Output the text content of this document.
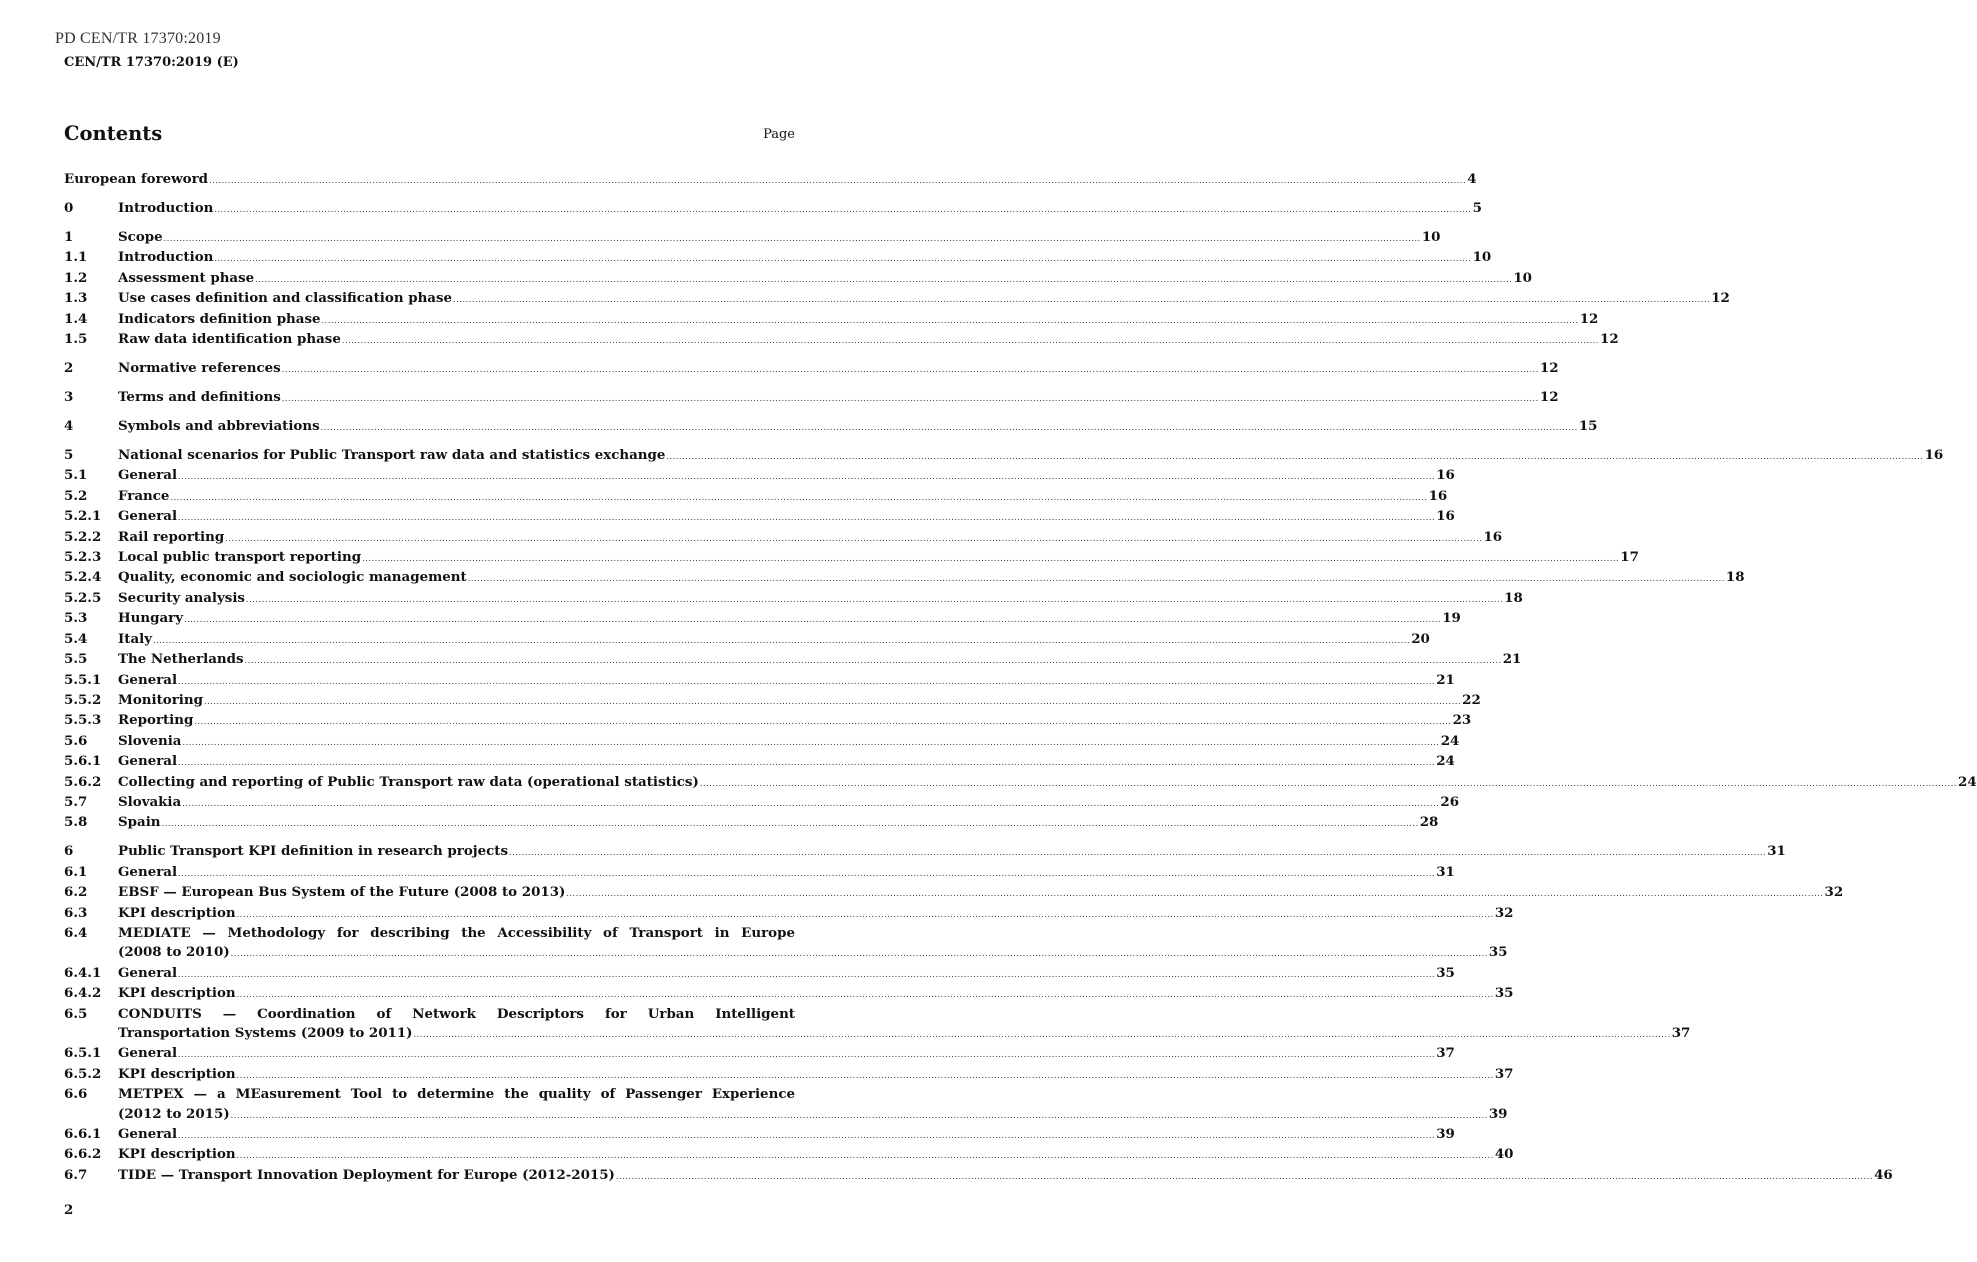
PD CEN/TR 17370:2019
CEN/TR 17370:2019 (E)
Contents	Page
European foreword ................................................................................................................................................................................................................................................................................................................................................................................................................ 4
0	Introduction ................................................................................................................................................................................................................................................................................................................................................................................................................ 5
1	Scope ................................................................................................................................................................................................................................................................................................................................................................................................................ 10
1.1	Introduction ................................................................................................................................................................................................................................................................................................................................................................................................................ 10
1.2	Assessment phase ................................................................................................................................................................................................................................................................................................................................................................................................................ 10
1.3	Use cases definition and classification phase ................................................................................................................................................................................................................................................................................................................................................................................................................ 12
1.4	Indicators definition phase ................................................................................................................................................................................................................................................................................................................................................................................................................ 12
1.5	Raw data identification phase ................................................................................................................................................................................................................................................................................................................................................................................................................ 12
2	Normative references ................................................................................................................................................................................................................................................................................................................................................................................................................ 12
3	Terms and definitions ................................................................................................................................................................................................................................................................................................................................................................................................................ 12
4	Symbols and abbreviations ................................................................................................................................................................................................................................................................................................................................................................................................................ 15
5	National scenarios for Public Transport raw data and statistics exchange ................................................................................................................................................................................................................................................................................................................................................................................................................ 16
5.1	General ................................................................................................................................................................................................................................................................................................................................................................................................................ 16
5.2	France ................................................................................................................................................................................................................................................................................................................................................................................................................ 16
5.2.1	General ................................................................................................................................................................................................................................................................................................................................................................................................................ 16
5.2.2	Rail reporting ................................................................................................................................................................................................................................................................................................................................................................................................................ 16
5.2.3	Local public transport reporting ................................................................................................................................................................................................................................................................................................................................................................................................................ 17
5.2.4	Quality, economic and sociologic management ................................................................................................................................................................................................................................................................................................................................................................................................................ 18
5.2.5	Security analysis ................................................................................................................................................................................................................................................................................................................................................................................................................ 18
5.3	Hungary ................................................................................................................................................................................................................................................................................................................................................................................................................ 19
5.4	Italy ................................................................................................................................................................................................................................................................................................................................................................................................................ 20
5.5	The Netherlands ................................................................................................................................................................................................................................................................................................................................................................................................................ 21
5.5.1	General ................................................................................................................................................................................................................................................................................................................................................................................................................ 21
5.5.2	Monitoring ................................................................................................................................................................................................................................................................................................................................................................................................................ 22
5.5.3	Reporting ................................................................................................................................................................................................................................................................................................................................................................................................................ 23
5.6	Slovenia ................................................................................................................................................................................................................................................................................................................................................................................................................ 24
5.6.1	General ................................................................................................................................................................................................................................................................................................................................................................................................................ 24
5.6.2	Collecting and reporting of Public Transport raw data (operational statistics) ................................................................................................................................................................................................................................................................................................................................................................................................................ 24
5.7	Slovakia ................................................................................................................................................................................................................................................................................................................................................................................................................ 26
5.8	Spain ................................................................................................................................................................................................................................................................................................................................................................................................................ 28
6	Public Transport KPI definition in research projects ................................................................................................................................................................................................................................................................................................................................................................................................................ 31
6.1	General ................................................................................................................................................................................................................................................................................................................................................................................................................ 31
6.2	EBSF — European Bus System of the Future (2008 to 2013) ................................................................................................................................................................................................................................................................................................................................................................................................................ 32
6.3	KPI description ................................................................................................................................................................................................................................................................................................................................................................................................................ 32
6.4	MEDIATE — Methodology for describing the Accessibility of Transport in Europe
(2008 to 2010) ................................................................................................................................................................................................................................................................................................................................................................................................................ 35
6.4.1	General ................................................................................................................................................................................................................................................................................................................................................................................................................ 35
6.4.2	KPI description ................................................................................................................................................................................................................................................................................................................................................................................................................ 35
6.5	CONDUITS — Coordination of Network Descriptors for Urban Intelligent
Transportation Systems (2009 to 2011) ................................................................................................................................................................................................................................................................................................................................................................................................................ 37
6.5.1	General ................................................................................................................................................................................................................................................................................................................................................................................................................ 37
6.5.2	KPI description ................................................................................................................................................................................................................................................................................................................................................................................................................ 37
6.6	METPEX — a MEasurement Tool to determine the quality of Passenger Experience
(2012 to 2015) ................................................................................................................................................................................................................................................................................................................................................................................................................ 39
6.6.1	General ................................................................................................................................................................................................................................................................................................................................................................................................................ 39
6.6.2	KPI description ................................................................................................................................................................................................................................................................................................................................................................................................................ 40
6.7	TIDE — Transport Innovation Deployment for Europe (2012-2015) ................................................................................................................................................................................................................................................................................................................................................................................................................ 46
2
